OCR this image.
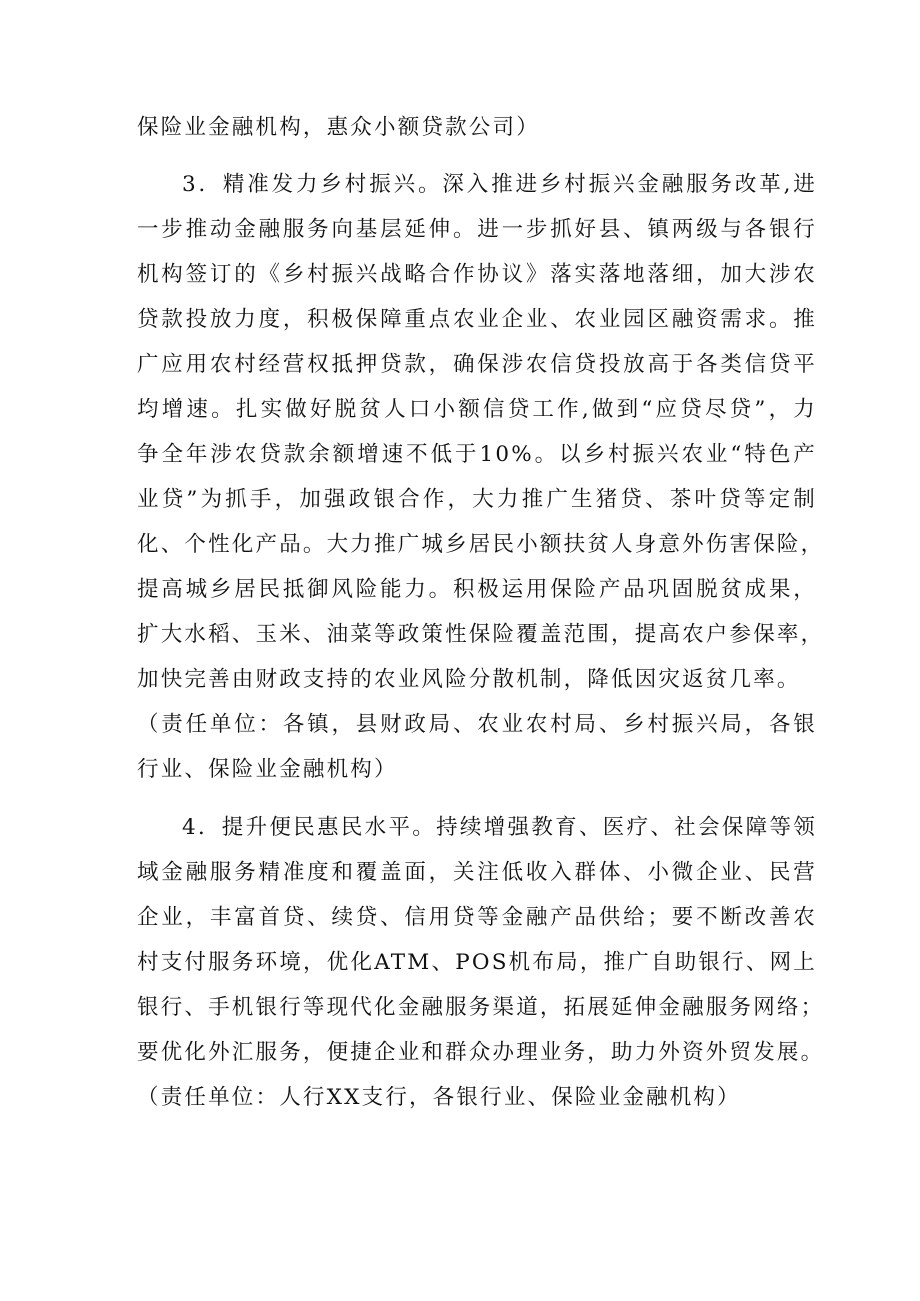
保险业金融机构，惠众小额贷款公司）
3．精准发力乡村振兴。深入推进乡村振兴金融服务改革,进
一步推动金融服务向基层延伸。进一步抓好县、镇两级与各银行
机构签订的《乡村振兴战略合作协议》落实落地落细，加大涉农
贷款投放力度，积极保障重点农业企业、农业园区融资需求。推
广应用农村经营权抵押贷款，确保涉农信贷投放高于各类信贷平
均增速。扎实做好脱贫人口小额信贷工作,做到“应贷尽贷”，力
争全年涉农贷款余额增速不低于10%。以乡村振兴农业“特色产
业贷”为抓手，加强政银合作，大力推广生猪贷、茶叶贷等定制
化、个性化产品。大力推广城乡居民小额扶贫人身意外伤害保险，
提高城乡居民抵御风险能力。积极运用保险产品巩固脱贫成果，
扩大水稻、玉米、油菜等政策性保险覆盖范围，提高农户参保率，
加快完善由财政支持的农业风险分散机制，降低因灾返贫几率。
（责任单位：各镇，县财政局、农业农村局、乡村振兴局，各银
行业、保险业金融机构）
4．提升便民惠民水平。持续增强教育、医疗、社会保障等领
域金融服务精准度和覆盖面，关注低收入群体、小微企业、民营
企业，丰富首贷、续贷、信用贷等金融产品供给；要不断改善农
村支付服务环境，优化ATM、POS机布局，推广自助银行、网上
银行、手机银行等现代化金融服务渠道，拓展延伸金融服务网络；
要优化外汇服务，便捷企业和群众办理业务，助力外资外贸发展。
（责任单位：人行XX支行，各银行业、保险业金融机构）
